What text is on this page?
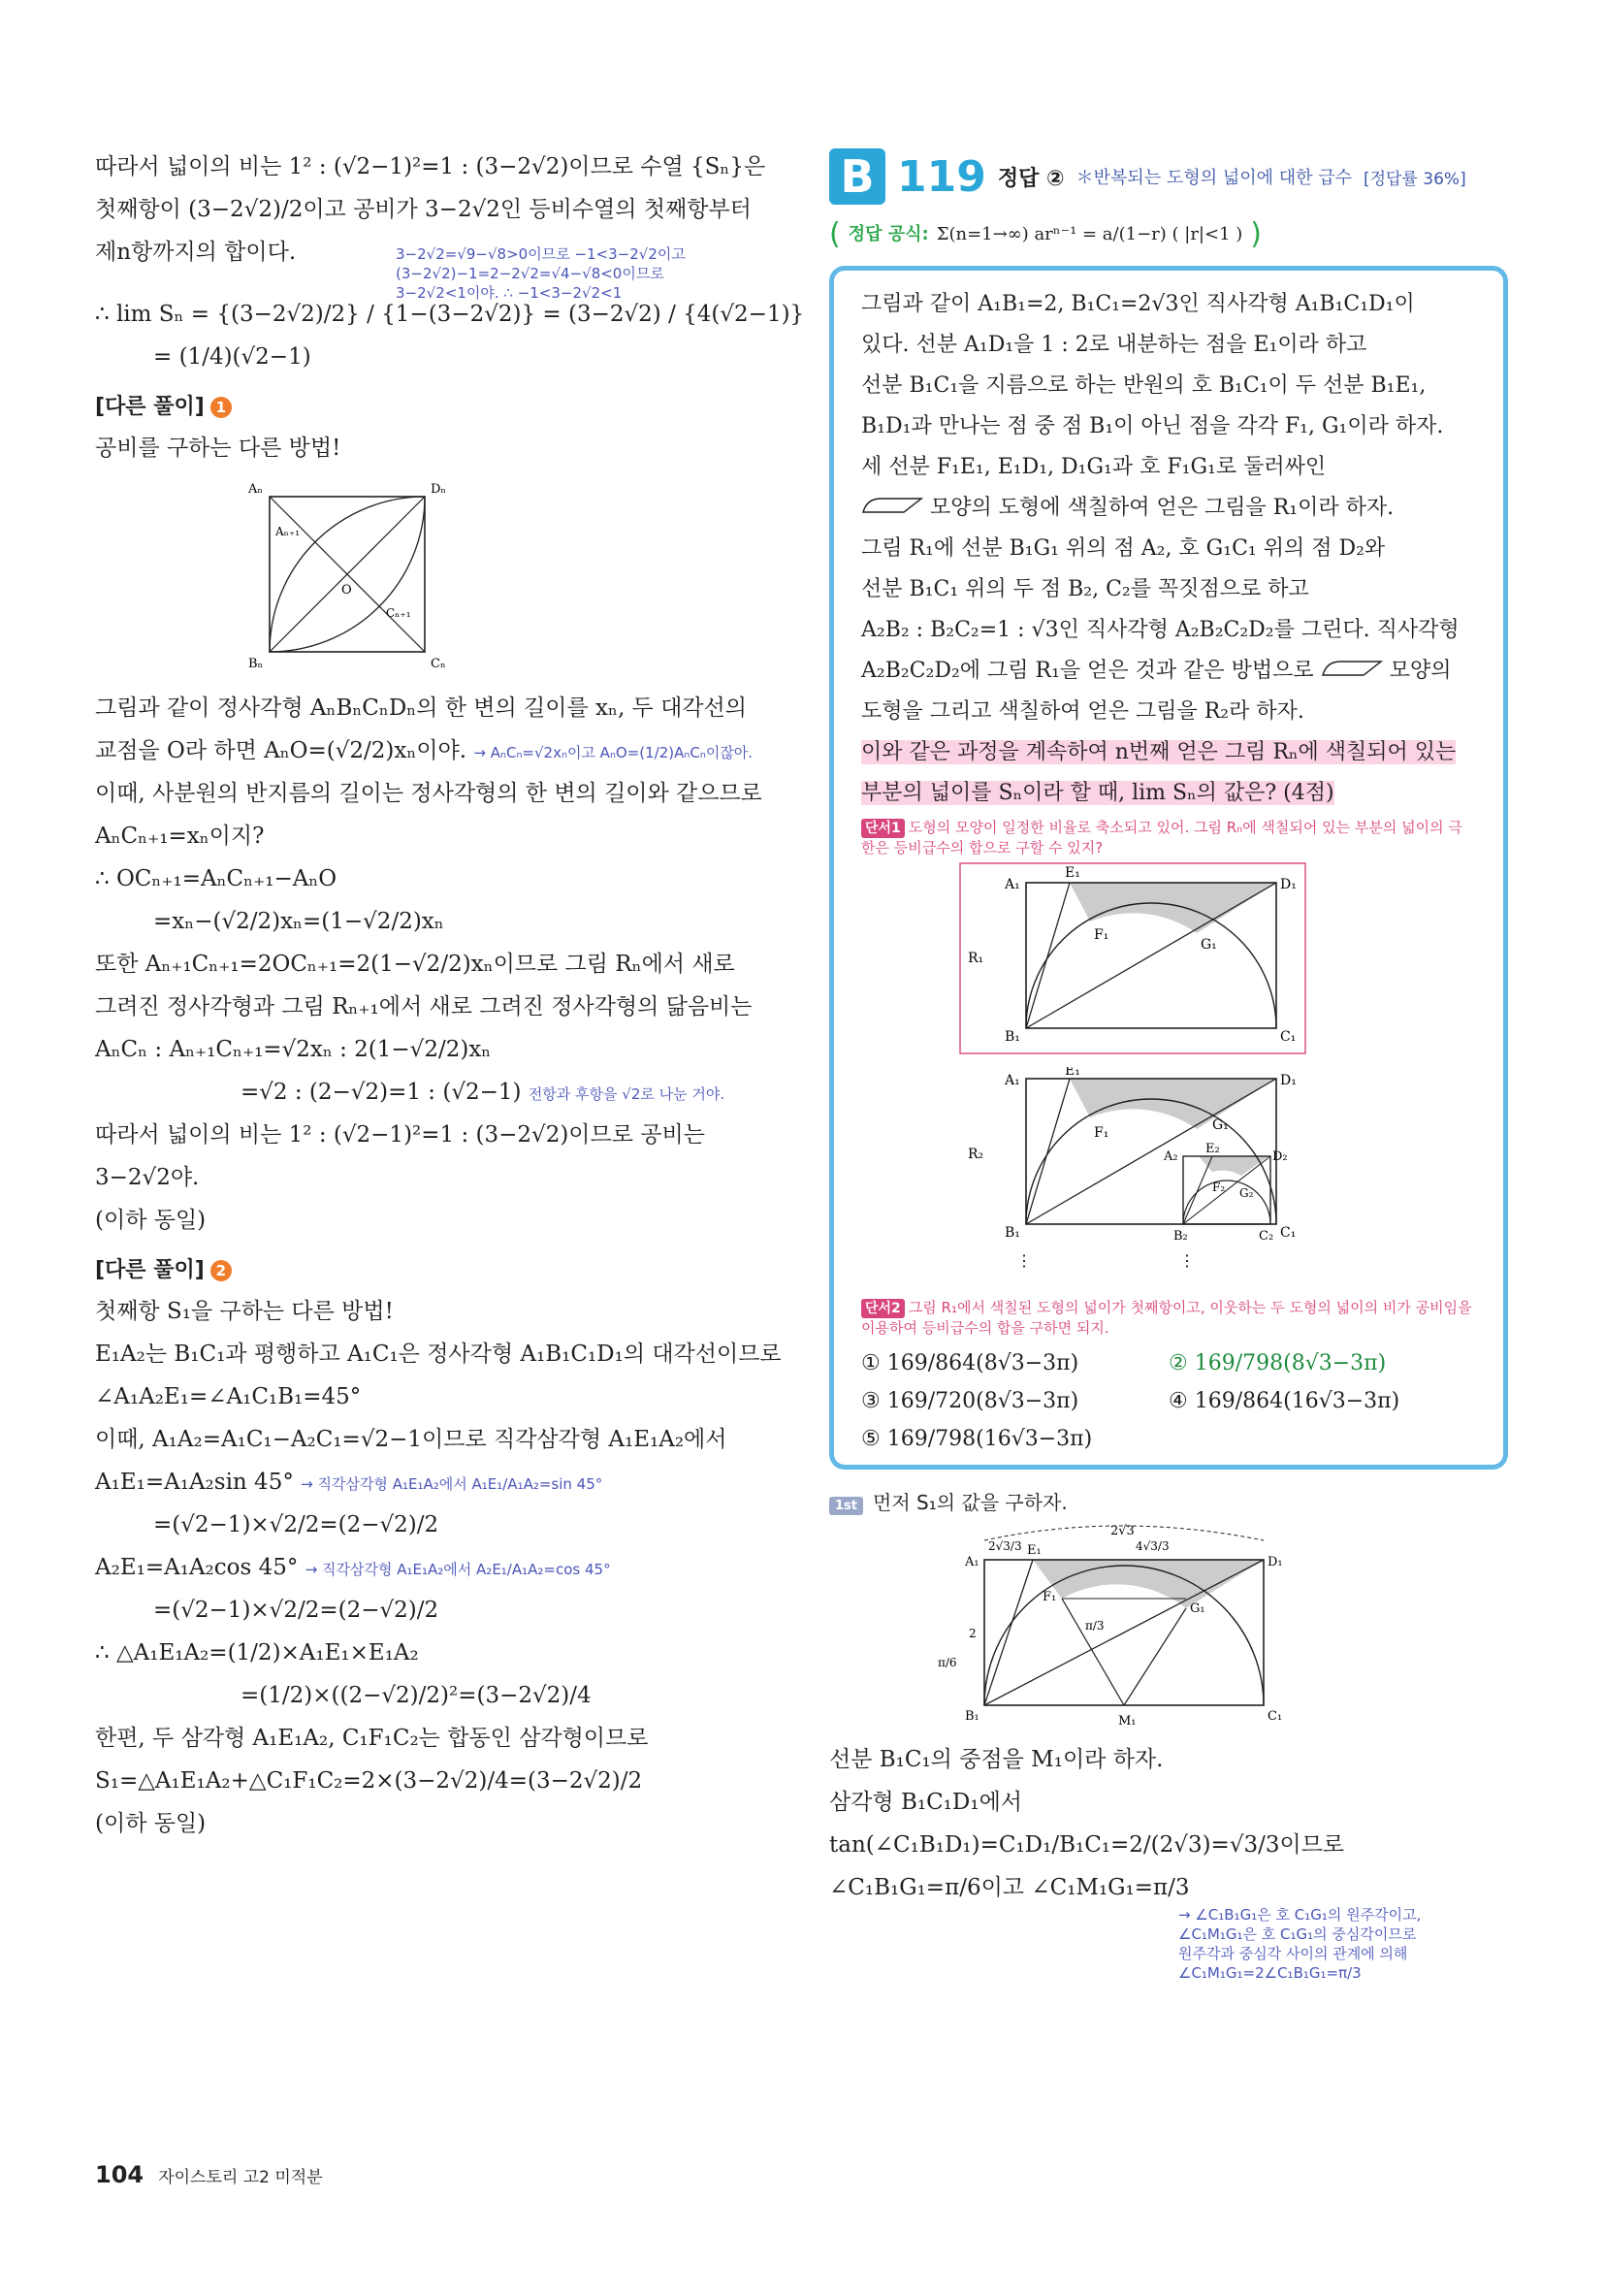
따라서 넓이의 비는 1² : (√2−1)²=1 : (3−2√2)이므로 수열 {Sₙ}은
첫째항이 (3−2√2)/2이고 공비가 3−2√2인 등비수열의 첫째항부터
제n항까지의 합이다.	3−2√2=√9−√8>0이므로 −1<3−2√2이고
(3−2√2)−1=2−2√2=√4−√8<0이므로
3−2√2<1이야. ∴ −1<3−2√2<1
∴ lim Sₙ = {(3−2√2)/2} / {1−(3−2√2)} = (3−2√2) / {4(√2−1)}
= (1/4)(√2−1)
[다른 풀이] 1
공비를 구하는 다른 방법!
Aₙ	Dₙ
Bₙ	Cₙ
O
Aₙ₊₁
Cₙ₊₁
그림과 같이 정사각형 AₙBₙCₙDₙ의 한 변의 길이를 xₙ, 두 대각선의
교점을 O라 하면 AₙO=(√2/2)xₙ이야. → AₙCₙ=√2xₙ이고 AₙO=(1/2)AₙCₙ이잖아.
이때, 사분원의 반지름의 길이는 정사각형의 한 변의 길이와 같으므로
AₙCₙ₊₁=xₙ이지?
∴ OCₙ₊₁=AₙCₙ₊₁−AₙO
=xₙ−(√2/2)xₙ=(1−√2/2)xₙ
또한 Aₙ₊₁Cₙ₊₁=2OCₙ₊₁=2(1−√2/2)xₙ이므로 그림 Rₙ에서 새로
그려진 정사각형과 그림 Rₙ₊₁에서 새로 그려진 정사각형의 닮음비는
AₙCₙ : Aₙ₊₁Cₙ₊₁=√2xₙ : 2(1−√2/2)xₙ
=√2 : (2−√2)=1 : (√2−1) 전항과 후항을 √2로 나눈 거야.
따라서 넓이의 비는 1² : (√2−1)²=1 : (3−2√2)이므로 공비는
3−2√2야.
(이하 동일)
[다른 풀이] 2
첫째항 S₁을 구하는 다른 방법!
E₁A₂는 B₁C₁과 평행하고 A₁C₁은 정사각형 A₁B₁C₁D₁의 대각선이므로
∠A₁A₂E₁=∠A₁C₁B₁=45°
이때, A₁A₂=A₁C₁−A₂C₁=√2−1이므로 직각삼각형 A₁E₁A₂에서
A₁E₁=A₁A₂sin 45° → 직각삼각형 A₁E₁A₂에서 A₁E₁/A₁A₂=sin 45°
=(√2−1)×√2/2=(2−√2)/2
A₂E₁=A₁A₂cos 45° → 직각삼각형 A₁E₁A₂에서 A₂E₁/A₁A₂=cos 45°
=(√2−1)×√2/2=(2−√2)/2
∴ △A₁E₁A₂=(1/2)×A₁E₁×E₁A₂
=(1/2)×((2−√2)/2)²=(3−2√2)/4
한편, 두 삼각형 A₁E₁A₂, C₁F₁C₂는 합동인 삼각형이므로
S₁=△A₁E₁A₂+△C₁F₁C₂=2×(3−2√2)/4=(3−2√2)/2
(이하 동일)
B 119 정답 ② ＊반복되는 도형의 넓이에 대한 급수 [정답률 36%]
( 정답 공식: Σ(n=1→∞) arⁿ⁻¹ = a/(1−r) ( |r|<1 ) )
그림과 같이 A₁B₁=2, B₁C₁=2√3인 직사각형 A₁B₁C₁D₁이
있다. 선분 A₁D₁을 1 : 2로 내분하는 점을 E₁이라 하고
선분 B₁C₁을 지름으로 하는 반원의 호 B₁C₁이 두 선분 B₁E₁,
B₁D₁과 만나는 점 중 점 B₁이 아닌 점을 각각 F₁, G₁이라 하자.
세 선분 F₁E₁, E₁D₁, D₁G₁과 호 F₁G₁로 둘러싸인
모양의 도형에 색칠하여 얻은 그림을 R₁이라 하자.
그림 R₁에 선분 B₁G₁ 위의 점 A₂, 호 G₁C₁ 위의 점 D₂와
선분 B₁C₁ 위의 두 점 B₂, C₂를 꼭짓점으로 하고
A₂B₂ : B₂C₂=1 : √3인 직사각형 A₂B₂C₂D₂를 그린다. 직사각형
A₂B₂C₂D₂에 그림 R₁을 얻은 것과 같은 방법으로	모양의
도형을 그리고 색칠하여 얻은 그림을 R₂라 하자.
이와 같은 과정을 계속하여 n번째 얻은 그림 Rₙ에 색칠되어 있는
부분의 넓이를 Sₙ이라 할 때, lim Sₙ의 값은? (4점)
단서1 도형의 모양이 일정한 비율로 축소되고 있어. 그림 Rₙ에 색칠되어 있는 부분의 넓이의 극한은 등비급수의 합으로 구할 수 있지?
A₁	D₁
B₁	C₁
E₁
F₁
G₁
R₁
A₁	D₁
B₁	C₁
E₁
F₁	G₁
R₂	A₂
E₂
D₂
B₂	C₂
F₂ G₂
⋮	⋮
단서2 그림 R₁에서 색칠된 도형의 넓이가 첫째항이고, 이웃하는 두 도형의 넓이의 비가 공비임을 이용하여 등비급수의 합을 구하면 되지.
① 169/864(8√3−3π)	② 169/798(8√3−3π)
③ 169/720(8√3−3π)	④ 169/864(16√3−3π)
⑤ 169/798(16√3−3π)
1st 먼저 S₁의 값을 구하자.
2√3
2√3/3	4√3/3
A₁	D₁
B₁	C₁
E₁
F₁
G₁
M₁
2
π/3
π/6
선분 B₁C₁의 중점을 M₁이라 하자.
삼각형 B₁C₁D₁에서
tan(∠C₁B₁D₁)=C₁D₁/B₁C₁=2/(2√3)=√3/3이므로
∠C₁B₁G₁=π/6이고 ∠C₁M₁G₁=π/3
→ ∠C₁B₁G₁은 호 C₁G₁의 원주각이고,
∠C₁M₁G₁은 호 C₁G₁의 중심각이므로
원주각과 중심각 사이의 관계에 의해
∠C₁M₁G₁=2∠C₁B₁G₁=π/3
104 자이스토리 고2 미적분
